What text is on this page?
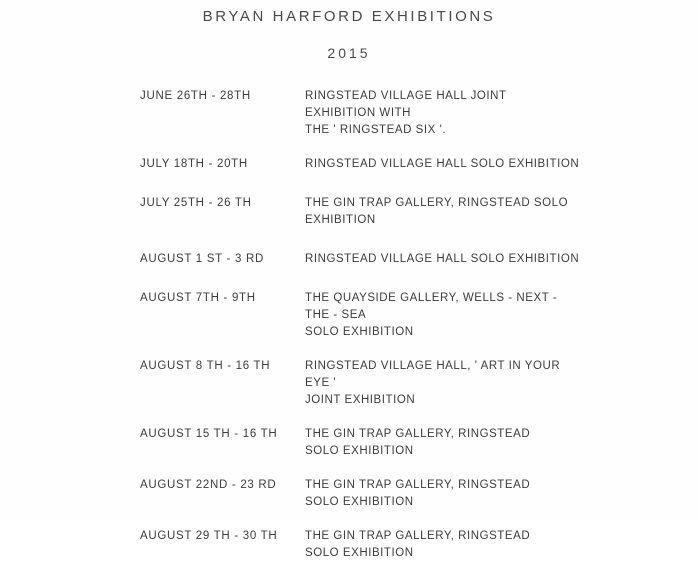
BRYAN HARFORD EXHIBITIONS
2015
JUNE 26TH - 28TH	RINGSTEAD VILLAGE HALL JOINT EXHIBITION WITH
THE ' RINGSTEAD SIX '.
JULY 18TH - 20TH	RINGSTEAD VILLAGE HALL SOLO EXHIBITION
JULY 25TH - 26 TH	THE GIN TRAP GALLERY, RINGSTEAD SOLO EXHIBITION
AUGUST 1 ST - 3 RD	RINGSTEAD VILLAGE HALL SOLO EXHIBITION
AUGUST 7TH - 9TH	THE QUAYSIDE GALLERY, WELLS - NEXT - THE - SEA
SOLO EXHIBITION
AUGUST 8 TH - 16 TH	RINGSTEAD VILLAGE HALL, ' ART IN YOUR EYE '
JOINT EXHIBITION
AUGUST 15 TH - 16 TH	THE GIN TRAP GALLERY, RINGSTEAD
SOLO EXHIBITION
AUGUST 22ND - 23 RD	THE GIN TRAP GALLERY, RINGSTEAD
SOLO EXHIBITION
AUGUST 29 TH - 30 TH	THE GIN TRAP GALLERY, RINGSTEAD
SOLO EXHIBITION
